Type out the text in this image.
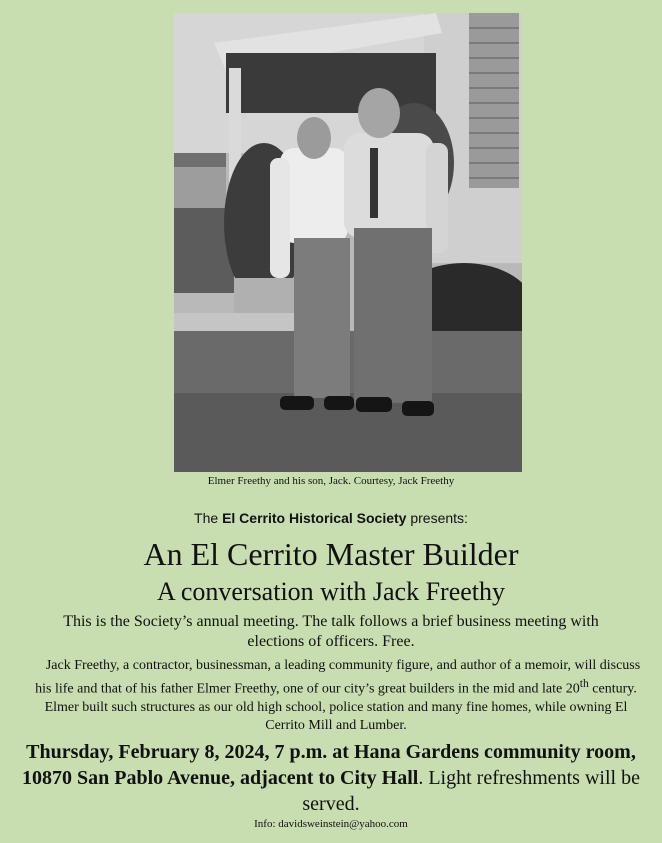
Elmer Freethy and his son, Jack. Courtesy, Jack Freethy
The El Cerrito Historical Society presents:
An El Cerrito Master Builder
A conversation with Jack Freethy
This is the Society’s annual meeting. The talk follows a brief business meeting with elections of officers. Free.
Jack Freethy, a contractor, businessman, a leading community figure, and author of a memoir, will discuss his life and that of his father Elmer Freethy, one of our city’s great builders in the mid and late 20th century. Elmer built such structures as our old high school, police station and many fine homes, while owning El Cerrito Mill and Lumber.
Thursday, February 8, 2024, 7 p.m. at Hana Gardens community room, 10870 San Pablo Avenue, adjacent to City Hall. Light refreshments will be served.
Info: davidsweinstein@yahoo.com
